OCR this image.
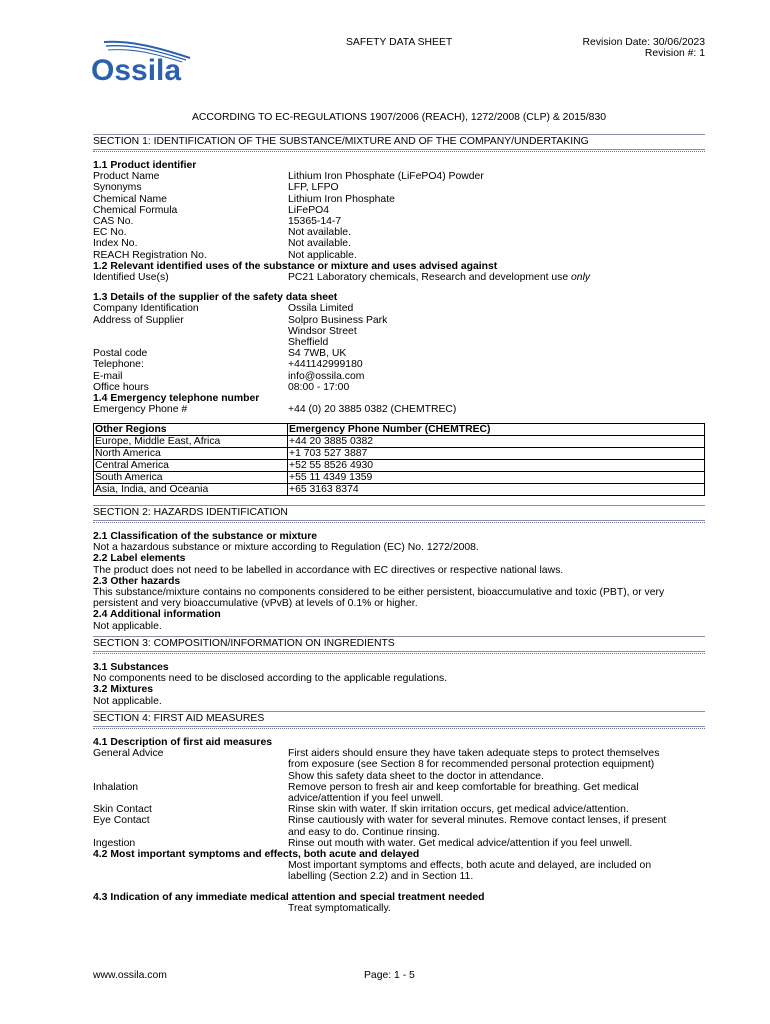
Ossila
SAFETY DATA SHEET	Revision Date: 30/06/2023
Revision #: 1
ACCORDING TO EC-REGULATIONS 1907/2006 (REACH), 1272/2008 (CLP) & 2015/830
SECTION 1: IDENTIFICATION OF THE SUBSTANCE/MIXTURE AND OF THE COMPANY/UNDERTAKING
1.1 Product identifier
Product Name	Lithium Iron Phosphate (LiFePO4) Powder
Synonyms	LFP, LFPO
Chemical Name	Lithium Iron Phosphate
Chemical Formula	LiFePO4
CAS No.	15365-14-7
EC No.	Not available.
Index No.	Not available.
REACH Registration No.	Not applicable.
1.2 Relevant identified uses of the substance or mixture and uses advised against
Identified Use(s)	PC21 Laboratory chemicals, Research and development use only
1.3 Details of the supplier of the safety data sheet
Company Identification	Ossila Limited
Address of Supplier	Solpro Business Park
Windsor Street
Sheffield
Postal code	S4 7WB, UK
Telephone:	+441142999180
E-mail	info@ossila.com
Office hours	08:00 - 17:00
1.4 Emergency telephone number
Emergency Phone #	+44 (0) 20 3885 0382 (CHEMTREC)
Other Regions	Emergency Phone Number (CHEMTREC)
Europe, Middle East, Africa	+44 20 3885 0382
North America	+1 703 527 3887
Central America	+52 55 8526 4930
South America	+55 11 4349 1359
Asia, India, and Oceania	+65 3163 8374
SECTION 2: HAZARDS IDENTIFICATION
2.1 Classification of the substance or mixture
Not a hazardous substance or mixture according to Regulation (EC) No. 1272/2008.
2.2 Label elements
The product does not need to be labelled in accordance with EC directives or respective national laws.
2.3 Other hazards
This substance/mixture contains no components considered to be either persistent, bioaccumulative and toxic (PBT), or very
persistent and very bioaccumulative (vPvB) at levels of 0.1% or higher.
2.4 Additional information
Not applicable.
SECTION 3: COMPOSITION/INFORMATION ON INGREDIENTS
3.1 Substances
No components need to be disclosed according to the applicable regulations.
3.2 Mixtures
Not applicable.
SECTION 4: FIRST AID MEASURES
4.1 Description of first aid measures
General Advice	First aiders should ensure they have taken adequate steps to protect themselves
from exposure (see Section 8 for recommended personal protection equipment)
Show this safety data sheet to the doctor in attendance.
Inhalation	Remove person to fresh air and keep comfortable for breathing. Get medical
advice/attention if you feel unwell.
Skin Contact	Rinse skin with water. If skin irritation occurs, get medical advice/attention.
Eye Contact	Rinse cautiously with water for several minutes. Remove contact lenses, if present
and easy to do. Continue rinsing.
Ingestion	Rinse out mouth with water. Get medical advice/attention if you feel unwell.
4.2 Most important symptoms and effects, both acute and delayed
Most important symptoms and effects, both acute and delayed, are included on
labelling (Section 2.2) and in Section 11.
4.3 Indication of any immediate medical attention and special treatment needed
Treat symptomatically.
www.ossila.com	Page: 1 - 5
